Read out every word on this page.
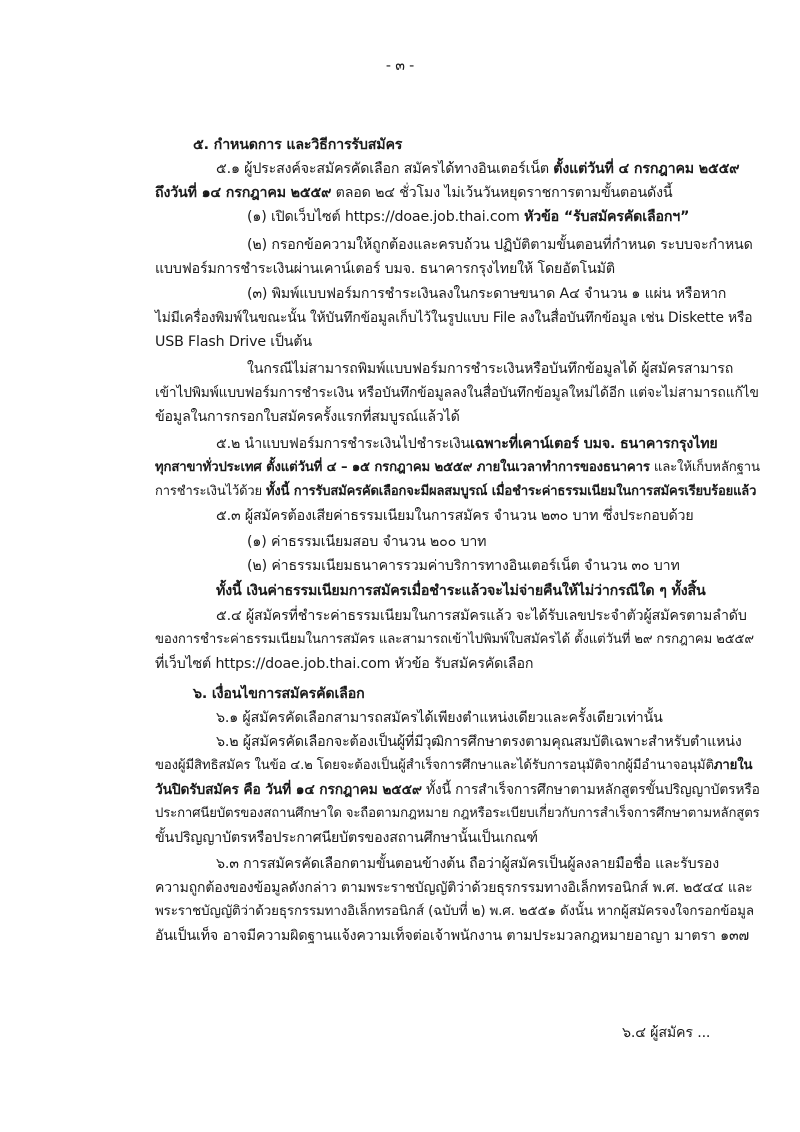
- ๓ -
๕. กำหนดการ และวิธีการรับสมัคร
๕.๑ ผู้ประสงค์จะสมัครคัดเลือก สมัครได้ทางอินเตอร์เน็ต ตั้งแต่วันที่ ๔ กรกฎาคม ๒๕๕๙
ถึงวันที่ ๑๔ กรกฎาคม ๒๕๕๙ ตลอด ๒๔ ชั่วโมง ไม่เว้นวันหยุดราชการตามขั้นตอนดังนี้
(๑) เปิดเว็บไซต์ https://doae.job.thai.com หัวข้อ “รับสมัครคัดเลือกฯ”
(๒) กรอกข้อความให้ถูกต้องและครบถ้วน ปฏิบัติตามขั้นตอนที่กำหนด ระบบจะกำหนด
แบบฟอร์มการชำระเงินผ่านเคาน์เตอร์ บมจ. ธนาคารกรุงไทยให้ โดยอัตโนมัติ
(๓) พิมพ์แบบฟอร์มการชำระเงินลงในกระดาษขนาด A๔ จำนวน ๑ แผ่น หรือหาก
ไม่มีเครื่องพิมพ์ในขณะนั้น ให้บันทึกข้อมูลเก็บไว้ในรูปแบบ File ลงในสื่อบันทึกข้อมูล เช่น Diskette หรือ
USB Flash Drive เป็นต้น
ในกรณีไม่สามารถพิมพ์แบบฟอร์มการชำระเงินหรือบันทึกข้อมูลได้ ผู้สมัครสามารถ
เข้าไปพิมพ์แบบฟอร์มการชำระเงิน หรือบันทึกข้อมูลลงในสื่อบันทึกข้อมูลใหม่ได้อีก แต่จะไม่สามารถแก้ไข
ข้อมูลในการกรอกใบสมัครครั้งแรกที่สมบูรณ์แล้วได้
๕.๒ นำแบบฟอร์มการชำระเงินไปชำระเงินเฉพาะที่เคาน์เตอร์ บมจ. ธนาคารกรุงไทย
ทุกสาขาทั่วประเทศ ตั้งแต่วันที่ ๔ – ๑๕ กรกฎาคม ๒๕๕๙ ภายในเวลาทำการของธนาคาร และให้เก็บหลักฐาน
การชำระเงินไว้ด้วย ทั้งนี้ การรับสมัครคัดเลือกจะมีผลสมบูรณ์ เมื่อชำระค่าธรรมเนียมในการสมัครเรียบร้อยแล้ว
๕.๓ ผู้สมัครต้องเสียค่าธรรมเนียมในการสมัคร จำนวน ๒๓๐ บาท ซึ่งประกอบด้วย
(๑) ค่าธรรมเนียมสอบ จำนวน ๒๐๐ บาท
(๒) ค่าธรรมเนียมธนาคารรวมค่าบริการทางอินเตอร์เน็ต จำนวน ๓๐ บาท
ทั้งนี้ เงินค่าธรรมเนียมการสมัครเมื่อชำระแล้วจะไม่จ่ายคืนให้ไม่ว่ากรณีใด ๆ ทั้งสิ้น
๕.๔ ผู้สมัครที่ชำระค่าธรรมเนียมในการสมัครแล้ว จะได้รับเลขประจำตัวผู้สมัครตามลำดับ
ของการชำระค่าธรรมเนียมในการสมัคร และสามารถเข้าไปพิมพ์ใบสมัครได้ ตั้งแต่วันที่ ๒๙ กรกฎาคม ๒๕๕๙
ที่เว็บไซต์ https://doae.job.thai.com หัวข้อ รับสมัครคัดเลือก
๖. เงื่อนไขการสมัครคัดเลือก
๖.๑ ผู้สมัครคัดเลือกสามารถสมัครได้เพียงตำแหน่งเดียวและครั้งเดียวเท่านั้น
๖.๒ ผู้สมัครคัดเลือกจะต้องเป็นผู้ที่มีวุฒิการศึกษาตรงตามคุณสมบัติเฉพาะสำหรับตำแหน่ง
ของผู้มีสิทธิสมัคร ในข้อ ๔.๒ โดยจะต้องเป็นผู้สำเร็จการศึกษาและได้รับการอนุมัติจากผู้มีอำนาจอนุมัติภายใน
วันปิดรับสมัคร คือ วันที่ ๑๔ กรกฎาคม ๒๕๕๙ ทั้งนี้ การสำเร็จการศึกษาตามหลักสูตรขั้นปริญญาบัตรหรือ
ประกาศนียบัตรของสถานศึกษาใด จะถือตามกฎหมาย กฎหรือระเบียบเกี่ยวกับการสำเร็จการศึกษาตามหลักสูตร
ขั้นปริญญาบัตรหรือประกาศนียบัตรของสถานศึกษานั้นเป็นเกณฑ์
๖.๓ การสมัครคัดเลือกตามขั้นตอนข้างต้น ถือว่าผู้สมัครเป็นผู้ลงลายมือชื่อ และรับรอง
ความถูกต้องของข้อมูลดังกล่าว ตามพระราชบัญญัติว่าด้วยธุรกรรมทางอิเล็กทรอนิกส์ พ.ศ. ๒๕๔๔ และ
พระราชบัญญัติว่าด้วยธุรกรรมทางอิเล็กทรอนิกส์ (ฉบับที่ ๒) พ.ศ. ๒๕๕๑ ดังนั้น หากผู้สมัครจงใจกรอกข้อมูล
อันเป็นเท็จ อาจมีความผิดฐานแจ้งความเท็จต่อเจ้าพนักงาน ตามประมวลกฎหมายอาญา มาตรา ๑๓๗
๖.๔ ผู้สมัคร ...
